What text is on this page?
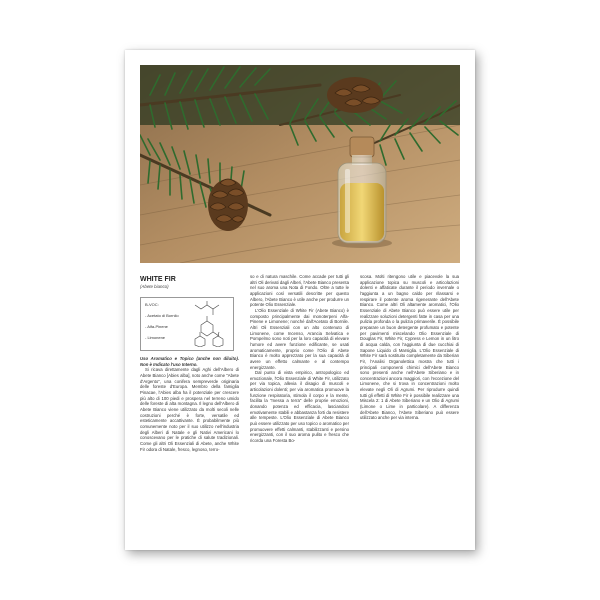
WHITE FIR
(Abete bianco)
B-VOC:
- Acetato di Bornilo
- Alfa-Pinene
- Limonene

Uso Aromatico e Topico (anche non diluito). Non è Indicato l'uso Interno.

Si ricava direttamente dagli Aghi dell'Albero di Abete Bianco [Abies alba], noto anche come "Abete d'Argento", una conifera sempreverde originaria delle foreste d'Europa. Membro della famiglia Pinacae, l'Abies alba ha il potenziale per crescere più alto di 100 piedi e prospera nel terreno umido delle foreste di alta montagna. Il legno dell'Albero di Abete Bianco viene utilizzato da molti secoli nelle costruzioni perché è forte, versatile ed esteticamente accattivante. È probabilmente più comunemente noto per il suo utilizzo nell'industria degli Alberi di Natale e gli Nativi Americani lo conoscevano per le pratiche di salute tradizionali. Come gli altri Oli Essenziali di Abete, anche White Fir odora di Natale, fresco, legnoso, terro-

so e di natura maschile. Come accade per tutti gli altri Oli derivati dagli Alberi, l'Abete Bianco presenta nel suo aroma una Nota di Fondo. Oltre a tutte le applicazioni così versatili descritte per questo Albero, l'Abete Bianco è utile anche per produrre un potente Olio Essenziale.

L'Olio Essenziale di White Fir (Abete Bianco) è composto principalmente dai monoterpeni Alfa-Pinene e Limonene; nonché dall'Acetato di Bornile. Altri Oli Essenziali con un alto contenuto di Limonene, come Incenso, Arancia Selvatica e Pompelmo sono noti per la loro capacità di elevare l'umore ed avere funzione edificante, se usati aromaticamente, proprio come l'Olio di Abete Bianco è molto apprezzato per la sua capacità di avere un effetto calmante e al contempo energizzante.

Dal punto di vista empirico, antropologico ed emozionale, l'Olio Essenziale di White Fir, utilizzato per via topica, allevia il disagio di muscoli e articolazioni dolenti; per via aromatica promuove la funzione respiratoria, stimola il corpo e la mente, facilita la "messa a terra" delle proprie emozioni, donando potenza ed efficacia, lasciandoci emotivamente stabili e abbastanza forti da resistere alle tempeste. L'Olio Essenziale di Abete Bianco può essere utilizzato per uso topico o aromatico per promuovere effetti calmanti, stabilizzanti e persino energizzanti, con il suo aroma pulito e fresco che ricorda una Foresta Bo-

scosa. Molti ritengono utile e piacevole la sua applicazione topica su muscoli e articolazioni dolenti e affaticate durante il periodo invernale o l'aggiunta a un bagno caldo per rilassarsi e respirare il potente aroma rigenerante dell'Abete Bianco. Come altri Oli altamente aromatici, l'Olio Essenziale di Abete Bianco può essere utile per realizzare soluzioni detergenti fatte in casa per una pulizia profonda o la pulizia primaverile. È possibile preparare un buon detergente profumato e potente per pavimenti miscelando Olio Essenziale di Douglas Fir, White Fir, Cypress e Lemon in un litro di acqua calda, con l'aggiunta di due cucchiai di Sapone Liquido di Marsiglia. L'Olio Essenziale di White Fir sarà sostituito completamente da Siberian Fir, l'Analisi Organolettica mostra che tutti i principali componenti chimici dell'Abete Bianco sono presenti anche nell'Abete Siberiano e in concentrazioni ancora maggiori, con l'eccezione del Limonene, che si trova in concentrazioni molto elevate negli Oli di Agrumi. Per riprodurre quindi tutti gli effetti di White Fir è possibile realizzare una Miscela 2: 1 di Abete Siberiano e un Olio di Agrumi (Limone o Lime in particolare). A differenza dell'Abete Bianco, l'Abete Siberiano può essere utilizzato anche per via interna.
